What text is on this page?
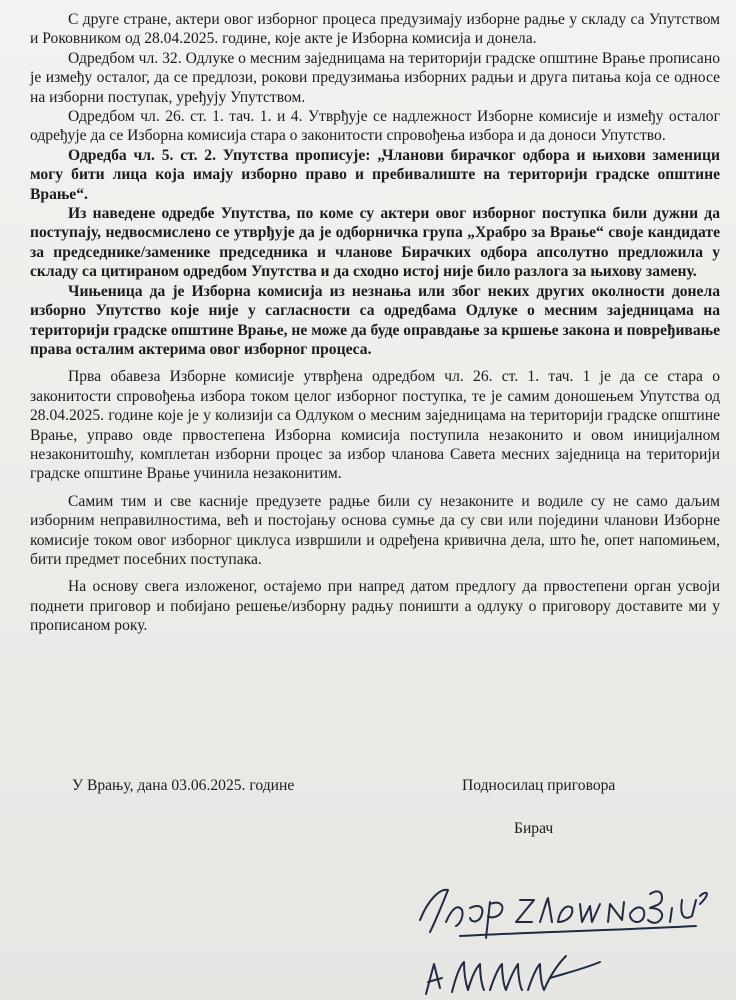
С друге стране, актери овог изборног процеса предузимају изборне радње у складу са Упутством и Роковником од 28.04.2025. године, које акте је Изборна комисија и донела.

Одредбом чл. 32. Одлуке о месним заједницама на територији градске општине Врање прописано је између осталог, да се предлози, рокови предузимања изборних радњи и друга питања која се односе на изборни поступак, уређују Упутством.

Одредбом чл. 26. ст. 1. тач. 1. и 4. Утврђује се надлежност Изборне комисије и између осталог одређује да се Изборна комисија стара о законитости спровођења избора и да доноси Упутство.

Одредба чл. 5. ст. 2. Упутства прописује: „Чланови бирачког одбора и њихови заменици могу бити лица која имају изборно право и пребивалиште на територији градске општине Врање“.

Из наведене одредбе Упутства, по коме су актери овог изборног поступка били дужни да поступају, недвосмислено се утврђује да је одборничка група „Храбро за Врање“ своје кандидате за председнике/заменике председника и чланове Бирачких одбора апсолутно предложила у складу са цитираном одредбом Упутства и да сходно истој није било разлога за њихову замену.

Чињеница да је Изборна комисија из незнања или због неких других околности донела изборно Упутство које није у сагласности са одредбама Одлуке о месним заједницама на територији градске општине Врање, не може да буде оправдање за кршење закона и повређивање права осталим актерима овог изборног процеса.

Прва обавеза Изборне комисије утврђена одредбом чл. 26. ст. 1. тач. 1 је да се стара о законитости спровођења избора током целог изборног поступка, те је самим доношењем Упутства од 28.04.2025. године које је у колизији са Одлуком о месним заједницама на територији градске општине Врање, управо овде првостепена Изборна комисија поступила незаконито и овом иницијалном незаконитошћу, комплетан изборни процес за избор чланова Савета месних заједница на територији градске општине Врање учинила незаконитим.

Самим тим и све касније предузете радње били су незаконите и водиле су не само даљим изборним неправилностима, већ и постојању основа сумње да су сви или поједини чланови Изборне комисије током овог изборног циклуса извршили и одређена кривична дела, што ће, опет напомињем, бити предмет посебних поступака.

На основу свега изложеног, остајемо при напред датом предлогу да првостепени орган усвоји поднети приговор и побијано решење/изборну радњу поништи а одлуку о приговору доставите ми у прописаном року.

У Врању, дана 03.06.2025. године	Подносилац приговора
Бирач
